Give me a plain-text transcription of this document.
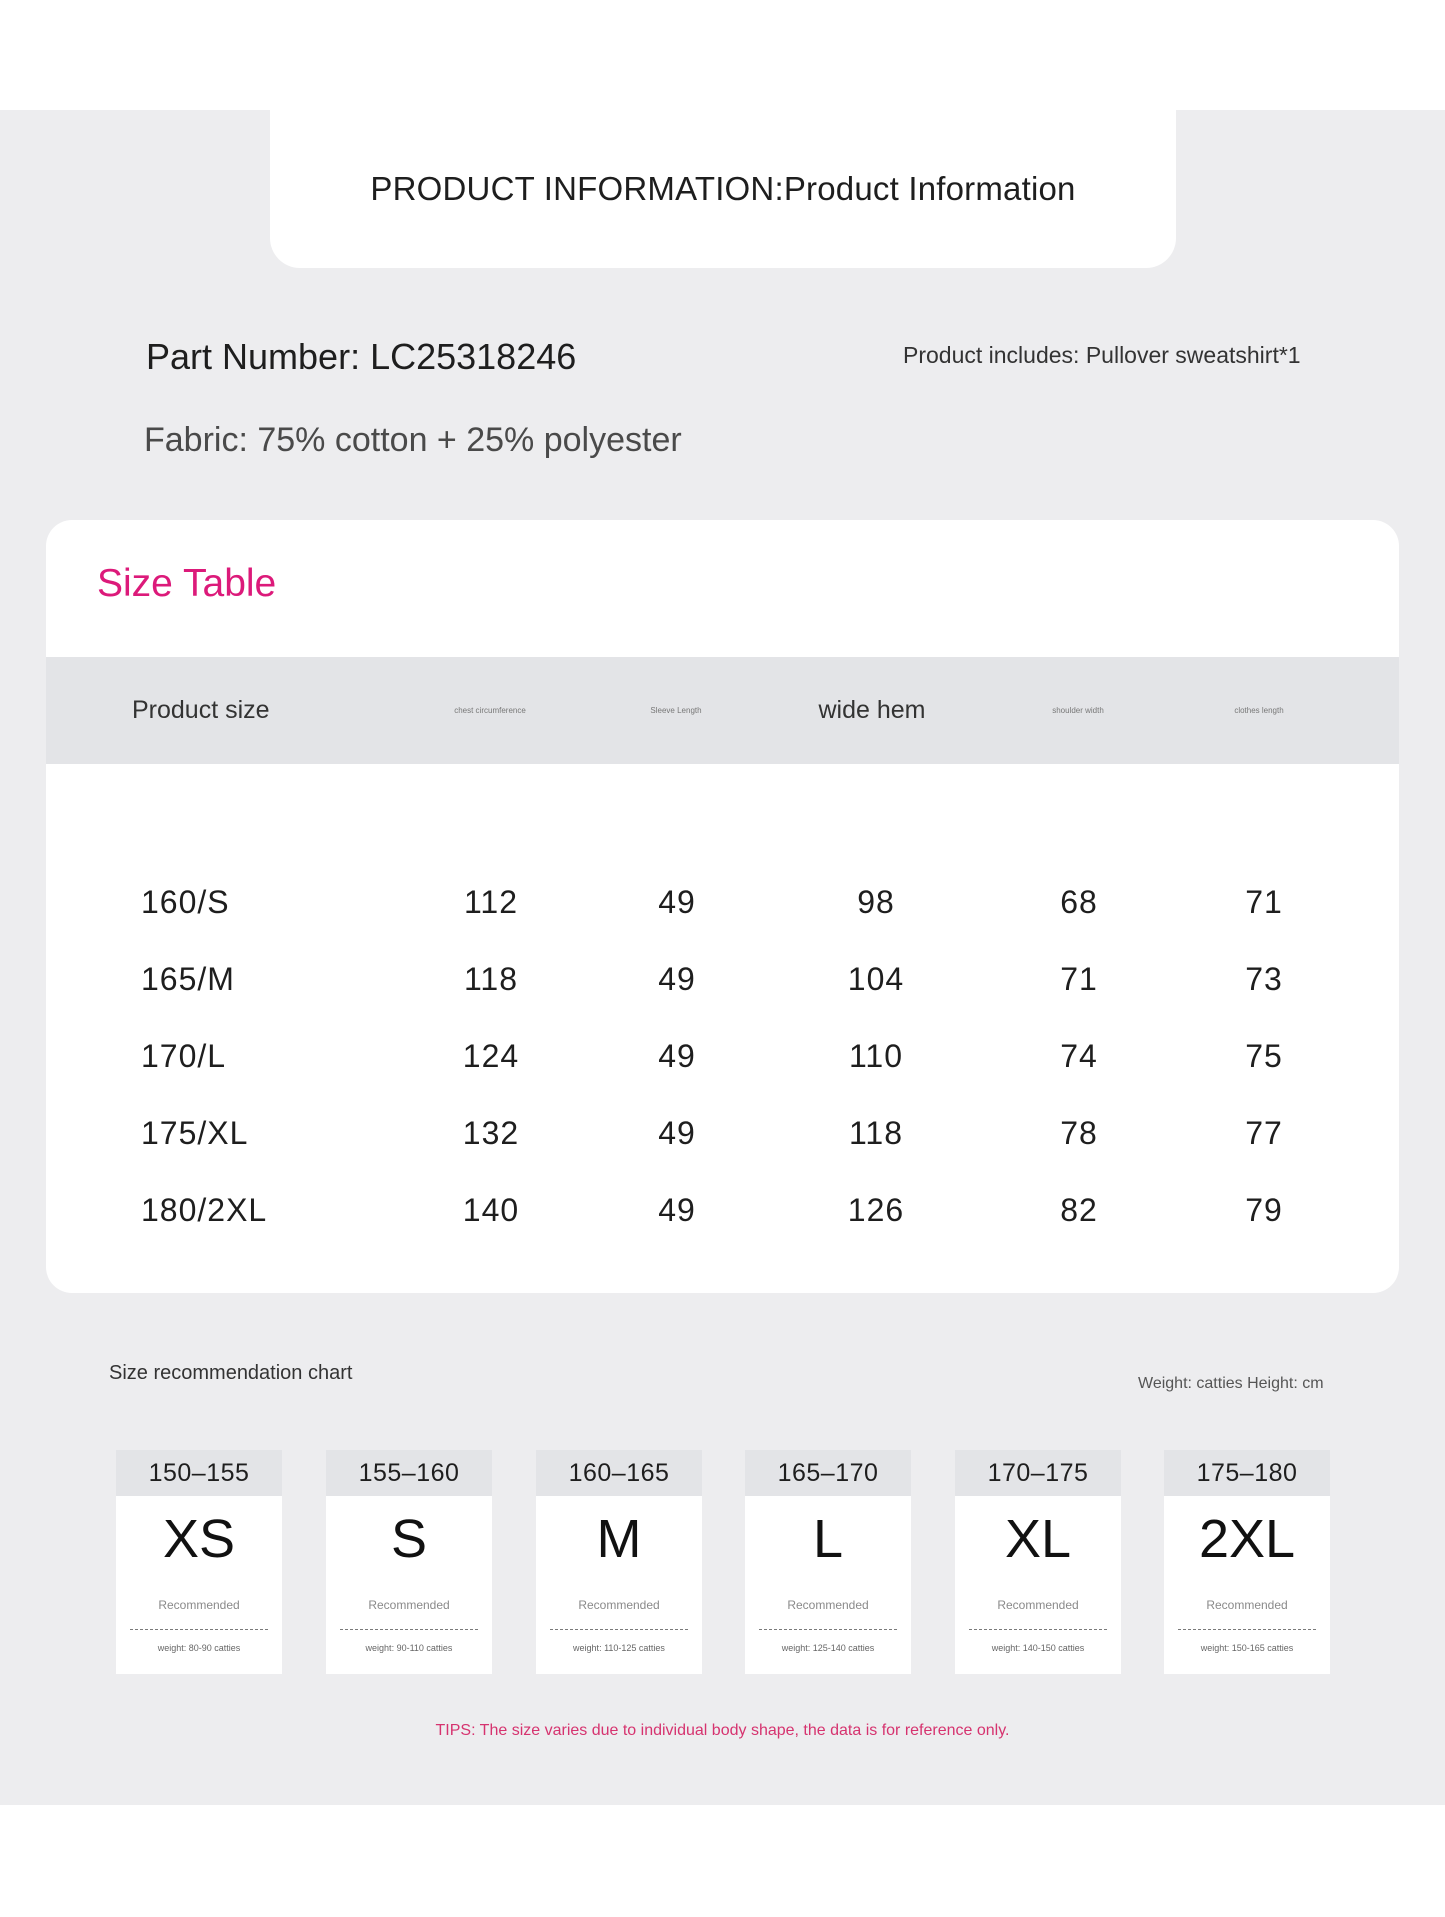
PRODUCT INFORMATION:Product Information
Part Number: LC25318246	Product includes: Pullover sweatshirt*1
Fabric: 75% cotton + 25% polyester
Size Table
Product size	chest circumference	Sleeve Length	wide hem	shoulder width	clothes length
160/S	112	49	98	68	71
165/M	118	49	104	71	73
170/L	124	49	110	74	75
175/XL	132	49	118	78	77
180/2XL	140	49	126	82	79
Size recommendation chart	Weight: catties Height: cm
150–155
XS
Recommended
weight: 80-90 catties
155–160
S
Recommended
weight: 90-110 catties
160–165
M
Recommended
weight: 110-125 catties
165–170
L
Recommended
weight: 125-140 catties
170–175
XL
Recommended
weight: 140-150 catties
175–180
2XL
Recommended
weight: 150-165 catties
TIPS: The size varies due to individual body shape, the data is for reference only.
